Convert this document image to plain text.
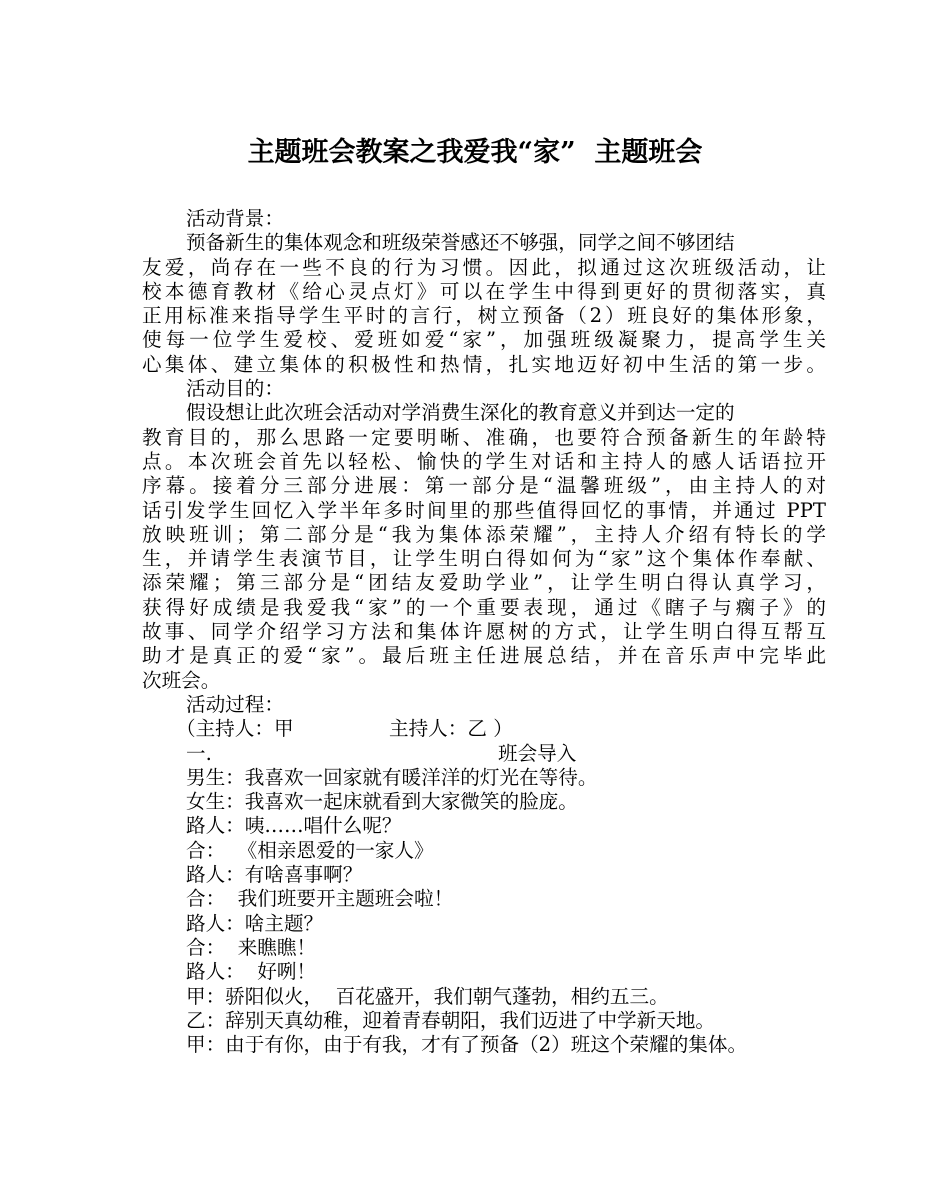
主题班会教案之我爱我“家”  主题班会
活动背景：
预备新生的集体观念和班级荣誉感还不够强，同学之间不够团结
友爱，尚存在一些不良的行为习惯。因此，拟通过这次班级活动，让
校本德育教材《给心灵点灯》可以在学生中得到更好的贯彻落实，真
正用标准来指导学生平时的言行，树立预备（2）班良好的集体形象，
使每一位学生爱校、爱班如爱“家”，加强班级凝聚力，提高学生关
心集体、建立集体的积极性和热情，扎实地迈好初中生活的第一步。
活动目的：
假设想让此次班会活动对学消费生深化的教育意义并到达一定的
教育目的，那么思路一定要明晰、准确，也要符合预备新生的年龄特
点。本次班会首先以轻松、愉快的学生对话和主持人的感人话语拉开
序幕。接着分三部分进展：第一部分是“温馨班级”，由主持人的对
话引发学生回忆入学半年多时间里的那些值得回忆的事情，并通过 PPT
放映班训；第二部分是“我为集体添荣耀”，主持人介绍有特长的学
生，并请学生表演节目，让学生明白得如何为“家”这个集体作奉献、
添荣耀；第三部分是“团结友爱助学业”，让学生明白得认真学习，
获得好成绩是我爱我“家”的一个重要表现，通过《瞎子与瘸子》的
故事、同学介绍学习方法和集体许愿树的方式，让学生明白得互帮互
助才是真正的爱“家”。最后班主任进展总结，并在音乐声中完毕此
次班会。
活动过程：
（主持人：甲	主持人：乙 ）
一.	班会导入
男生：我喜欢一回家就有暖洋洋的灯光在等待。
女生：我喜欢一起床就看到大家微笑的脸庞。
路人：咦……唱什么呢？
合：  《相亲恩爱的一家人》
路人：有啥喜事啊？
合：  我们班要开主题班会啦！
路人：啥主题？
合：  来瞧瞧！
路人：  好咧！
甲：骄阳似火，  百花盛开，我们朝气蓬勃，相约五三。
乙：辞别天真幼稚，迎着青春朝阳，我们迈进了中学新天地。
甲：由于有你，由于有我，才有了预备（2）班这个荣耀的集体。
